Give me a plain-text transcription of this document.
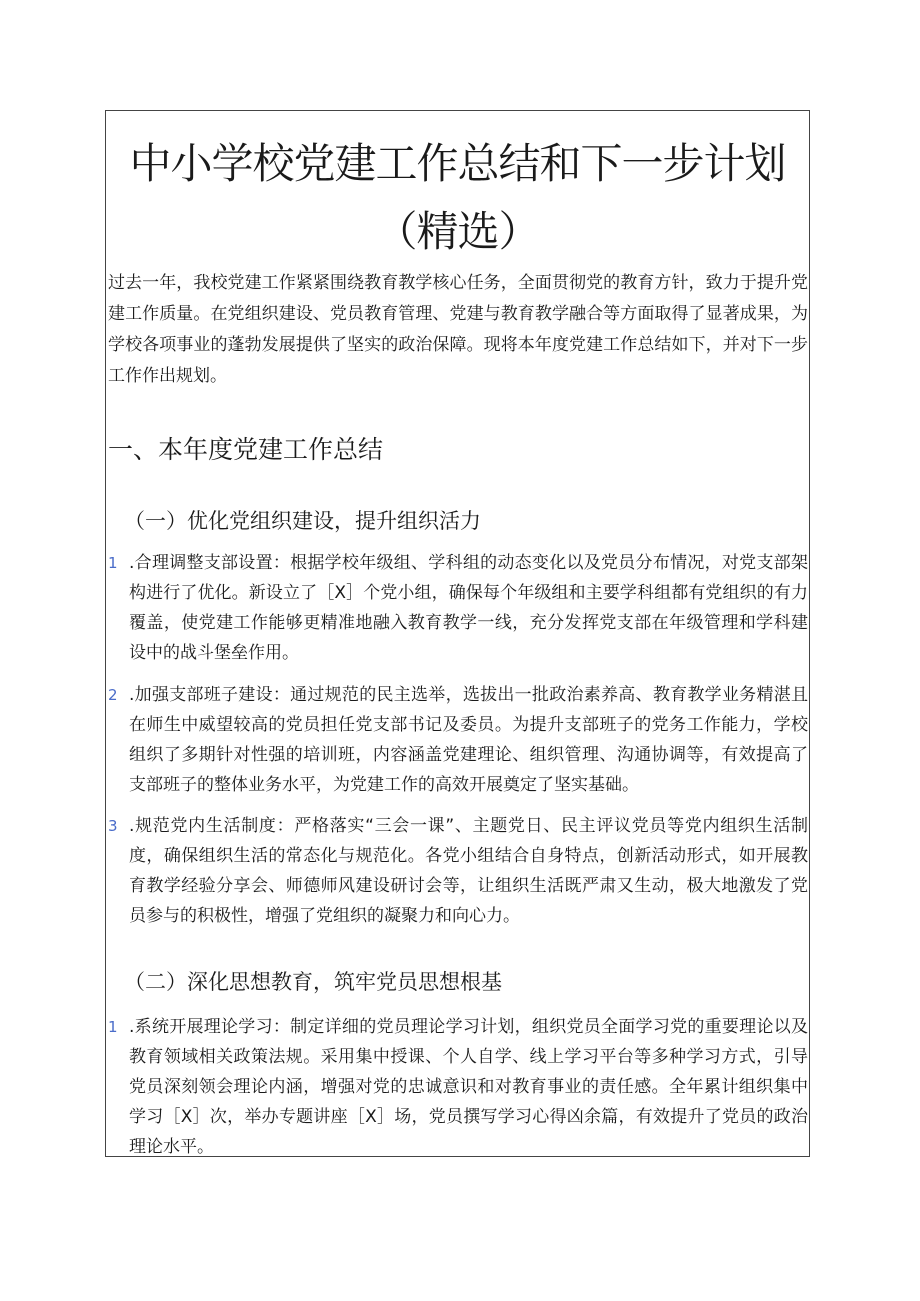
中小学校党建工作总结和下一步计划
（精选）

过去一年，我校党建工作紧紧围绕教育教学核心任务，全面贯彻党的教育方针，致力于提升党建工作质量。在党组织建设、党员教育管理、党建与教育教学融合等方面取得了显著成果，为学校各项事业的蓬勃发展提供了坚实的政治保障。现将本年度党建工作总结如下，并对下一步工作作出规划。

一、本年度党建工作总结
（一）优化党组织建设，提升组织活力
1 .合理调整支部设置：根据学校年级组、学科组的动态变化以及党员分布情况，对党支部架构进行了优化。新设立了［X］个党小组，确保每个年级组和主要学科组都有党组织的有力覆盖，使党建工作能够更精准地融入教育教学一线，充分发挥党支部在年级管理和学科建设中的战斗堡垒作用。
2 .加强支部班子建设：通过规范的民主选举，选拔出一批政治素养高、教育教学业务精湛且在师生中威望较高的党员担任党支部书记及委员。为提升支部班子的党务工作能力，学校组织了多期针对性强的培训班，内容涵盖党建理论、组织管理、沟通协调等，有效提高了支部班子的整体业务水平，为党建工作的高效开展奠定了坚实基础。
3 .规范党内生活制度：严格落实“三会一课”、主题党日、民主评议党员等党内组织生活制度，确保组织生活的常态化与规范化。各党小组结合自身特点，创新活动形式，如开展教育教学经验分享会、师德师风建设研讨会等，让组织生活既严肃又生动，极大地激发了党员参与的积极性，增强了党组织的凝聚力和向心力。
（二）深化思想教育，筑牢党员思想根基
1 .系统开展理论学习：制定详细的党员理论学习计划，组织党员全面学习党的重要理论以及教育领域相关政策法规。采用集中授课、个人自学、线上学习平台等多种学习方式，引导党员深刻领会理论内涵，增强对党的忠诚意识和对教育事业的责任感。全年累计组织集中学习［X］次，举办专题讲座［X］场，党员撰写学习心得凶余篇，有效提升了党员的政治理论水平。
